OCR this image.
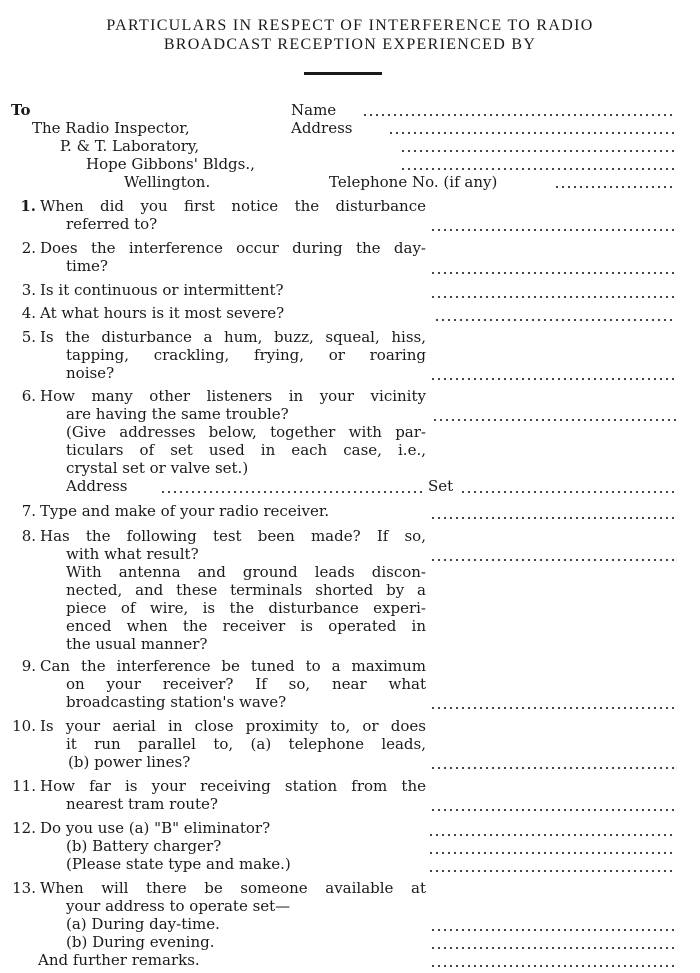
PARTICULARS IN RESPECT OF INTERFERENCE TO RADIO
BROADCAST RECEPTION EXPERIENCED BY
To
The Radio Inspector,
P. & T. Laboratory,
Hope Gibbons' Bldgs.,
Wellington.
Name
Address
Telephone No. (if any)
1. When did you first notice the disturbance
referred to?
2. Does the interference occur during the day-
time?
3. Is it continuous or intermittent?
4. At what hours is it most severe?
5. Is the disturbance a hum, buzz, squeal, hiss,
tapping, crackling, frying, or roaring
noise?
6. How many other listeners in your vicinity
are having the same trouble?
(Give addresses below, together with par-
ticulars of set used in each case, i.e.,
crystal set or valve set.)
Address	Set
7. Type and make of your radio receiver.
8. Has the following test been made? If so,
with what result?
With antenna and ground leads discon-
nected, and these terminals shorted by a
piece of wire, is the disturbance experi-
enced when the receiver is operated in
the usual manner?
9. Can the interference be tuned to a maximum
on your receiver? If so, near what
broadcasting station's wave?
10. Is your aerial in close proximity to, or does
it run parallel to, (a) telephone leads,
(b) power lines?
11. How far is your receiving station from the
nearest tram route?
12. Do you use (a) "B" eliminator?
(b) Battery charger?
(Please state type and make.)
13. When will there be someone available at
your address to operate set—
(a) During day-time.
(b) During evening.
And further remarks.
